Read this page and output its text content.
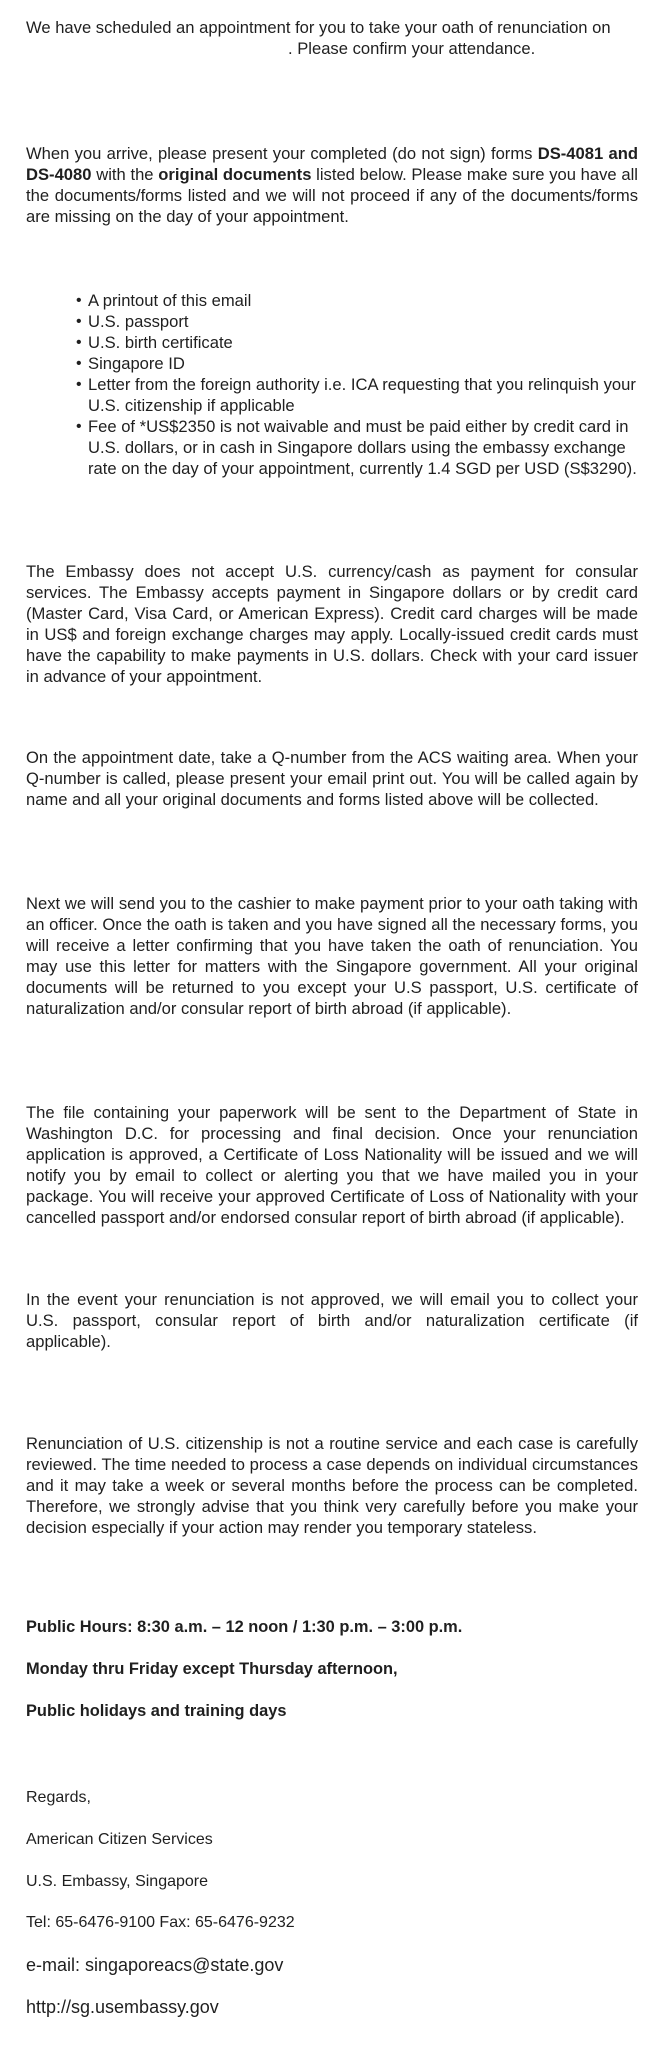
We have scheduled an appointment for you to take your oath of renunciation on . Please confirm your attendance.

When you arrive, please present your completed (do not sign) forms DS-4081 and DS-4080 with the original documents listed below. Please make sure you have all the documents/forms listed and we will not proceed if any of the documents/forms are missing on the day of your appointment.

• A printout of this email
• U.S. passport
• U.S. birth certificate
• Singapore ID
• Letter from the foreign authority i.e. ICA requesting that you relinquish your U.S. citizenship if applicable
• Fee of *US$2350 is not waivable and must be paid either by credit card in U.S. dollars, or in cash in Singapore dollars using the embassy exchange rate on the day of your appointment, currently 1.4 SGD per USD (S$3290).

The Embassy does not accept U.S. currency/cash as payment for consular services. The Embassy accepts payment in Singapore dollars or by credit card (Master Card, Visa Card, or American Express). Credit card charges will be made in US$ and foreign exchange charges may apply. Locally-issued credit cards must have the capability to make payments in U.S. dollars. Check with your card issuer in advance of your appointment.

On the appointment date, take a Q-number from the ACS waiting area. When your Q-number is called, please present your email print out. You will be called again by name and all your original documents and forms listed above will be collected.

Next we will send you to the cashier to make payment prior to your oath taking with an officer. Once the oath is taken and you have signed all the necessary forms, you will receive a letter confirming that you have taken the oath of renunciation. You may use this letter for matters with the Singapore government. All your original documents will be returned to you except your U.S passport, U.S. certificate of naturalization and/or consular report of birth abroad (if applicable).

The file containing your paperwork will be sent to the Department of State in Washington D.C. for processing and final decision. Once your renunciation application is approved, a Certificate of Loss Nationality will be issued and we will notify you by email to collect or alerting you that we have mailed you in your package. You will receive your approved Certificate of Loss of Nationality with your cancelled passport and/or endorsed consular report of birth abroad (if applicable).

In the event your renunciation is not approved, we will email you to collect your U.S. passport, consular report of birth and/or naturalization certificate (if applicable).

Renunciation of U.S. citizenship is not a routine service and each case is carefully reviewed. The time needed to process a case depends on individual circumstances and it may take a week or several months before the process can be completed. Therefore, we strongly advise that you think very carefully before you make your decision especially if your action may render you temporary stateless.

Public Hours: 8:30 a.m. – 12 noon / 1:30 p.m. – 3:00 p.m.

Monday thru Friday except Thursday afternoon,

Public holidays and training days

Regards,

American Citizen Services

U.S. Embassy, Singapore

Tel: 65-6476-9100 Fax: 65-6476-9232

e-mail: singaporeacs@state.gov

http://sg.usembassy.gov
